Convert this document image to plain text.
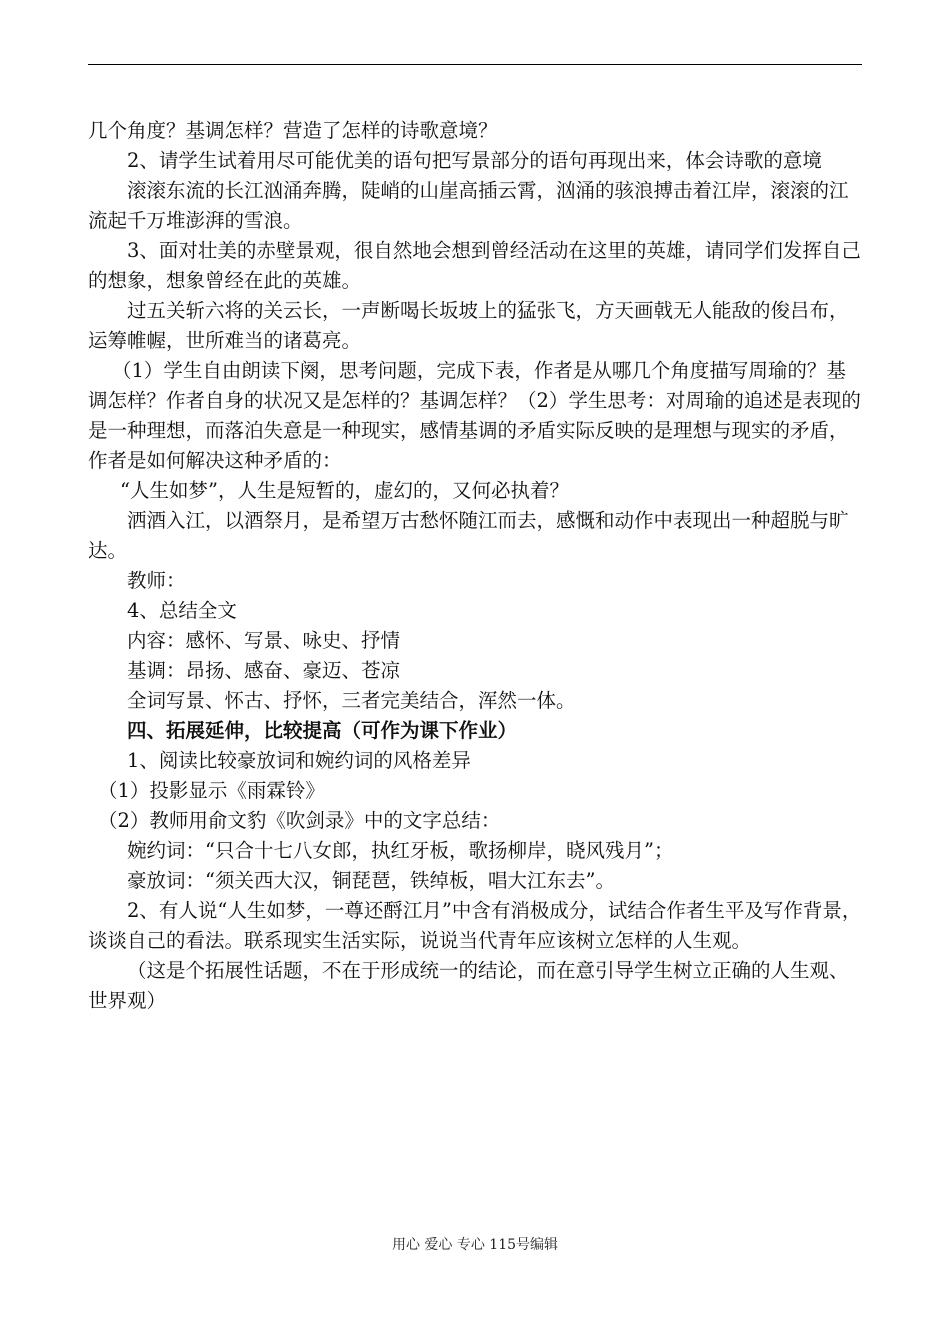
几个角度？基调怎样？营造了怎样的诗歌意境？

2、请学生试着用尽可能优美的语句把写景部分的语句再现出来，体会诗歌的意境

滚滚东流的长江汹涌奔腾，陡峭的山崖高插云霄，汹涌的骇浪搏击着江岸，滚滚的江流起千万堆澎湃的雪浪。

3、面对壮美的赤壁景观，很自然地会想到曾经活动在这里的英雄，请同学们发挥自己的想象，想象曾经在此的英雄。

过五关斩六将的关云长，一声断喝长坂坡上的猛张飞，方天画戟无人能敌的俊吕布，运筹帷幄，世所难当的诸葛亮。

（1）学生自由朗读下阕，思考问题，完成下表，作者是从哪几个角度描写周瑜的？基调怎样？作者自身的状况又是怎样的？基调怎样？（2）学生思考：对周瑜的追述是表现的是一种理想，而落泊失意是一种现实，感情基调的矛盾实际反映的是理想与现实的矛盾，作者是如何解决这种矛盾的：

“人生如梦”，人生是短暂的，虚幻的，又何必执着？

洒酒入江，以酒祭月，是希望万古愁怀随江而去，感慨和动作中表现出一种超脱与旷达。

教师：

4、总结全文

内容：感怀、写景、咏史、抒情

基调：昂扬、感奋、豪迈、苍凉

全词写景、怀古、抒怀，三者完美结合，浑然一体。

四、拓展延伸，比较提高（可作为课下作业）

1、阅读比较豪放词和婉约词的风格差异

（1）投影显示《雨霖铃》

（2）教师用俞文豹《吹剑录》中的文字总结：

婉约词：“只合十七八女郎，执红牙板，歌扬柳岸，晓风残月”；

豪放词：“须关西大汉，铜琵琶，铁绰板，唱大江东去”。

2、有人说“人生如梦，一尊还酹江月”中含有消极成分，试结合作者生平及写作背景，谈谈自己的看法。联系现实生活实际，说说当代青年应该树立怎样的人生观。

（这是个拓展性话题，不在于形成统一的结论，而在意引导学生树立正确的人生观、世界观）

用心 爱心 专心 115号编辑
